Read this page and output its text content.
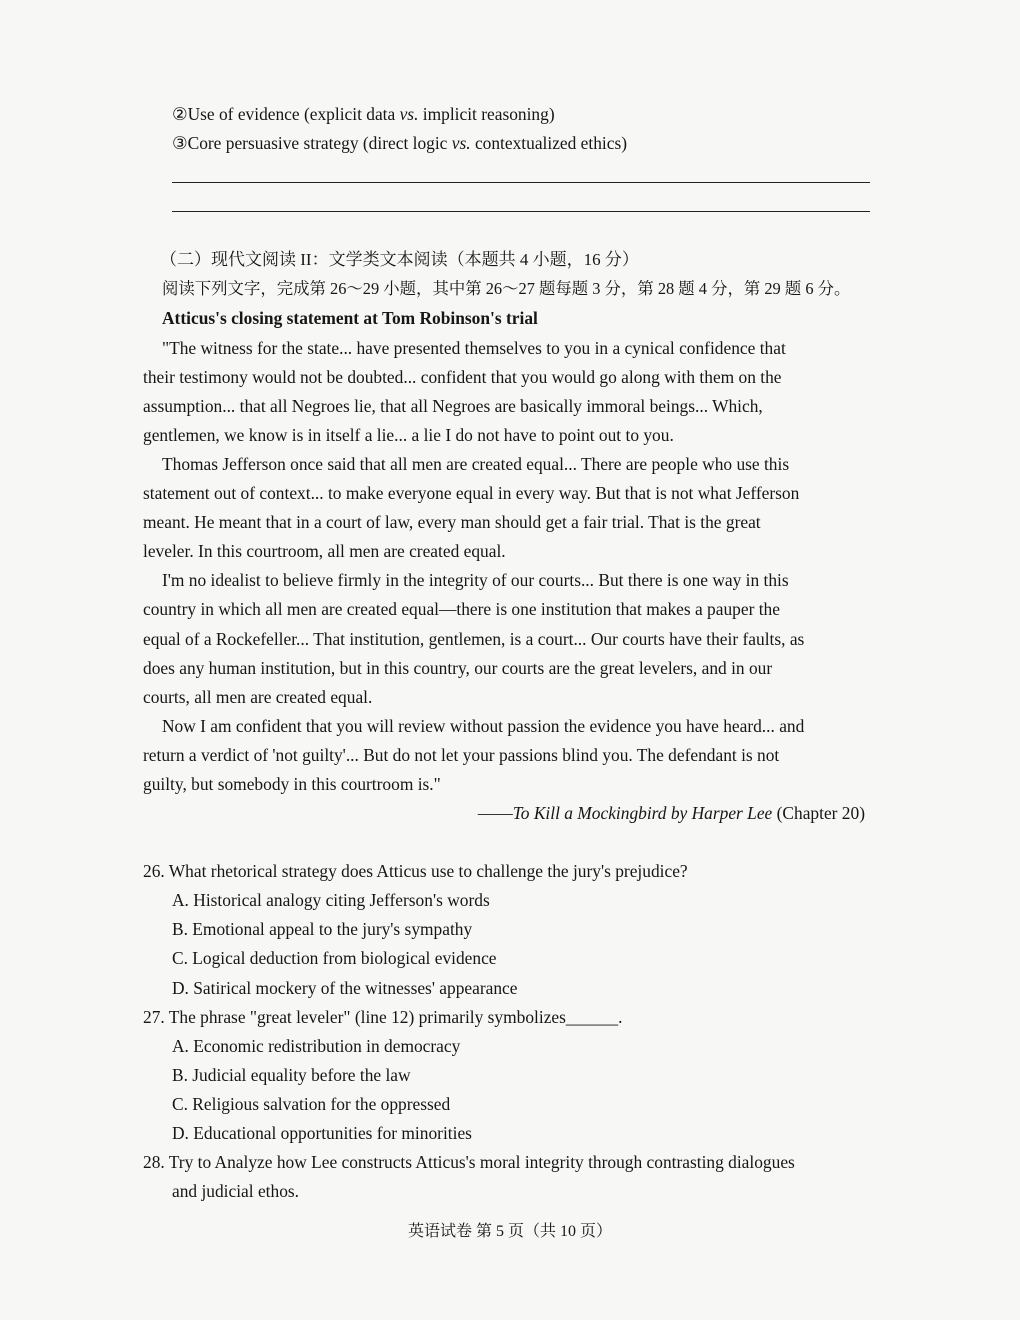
②Use of evidence (explicit data vs. implicit reasoning)
③Core persuasive strategy (direct logic vs. contextualized ethics)
（二）现代文阅读 II：文学类文本阅读（本题共 4 小题，16 分）
阅读下列文字，完成第 26～29 小题，其中第 26～27 题每题 3 分，第 28 题 4 分，第 29 题 6 分。
Atticus's closing statement at Tom Robinson's trial
"The witness for the state... have presented themselves to you in a cynical confidence that
their testimony would not be doubted... confident that you would go along with them on the
assumption... that all Negroes lie, that all Negroes are basically immoral beings... Which,
gentlemen, we know is in itself a lie... a lie I do not have to point out to you.
Thomas Jefferson once said that all men are created equal... There are people who use this
statement out of context... to make everyone equal in every way. But that is not what Jefferson
meant. He meant that in a court of law, every man should get a fair trial. That is the great
leveler. In this courtroom, all men are created equal.
I'm no idealist to believe firmly in the integrity of our courts... But there is one way in this
country in which all men are created equal—there is one institution that makes a pauper the
equal of a Rockefeller... That institution, gentlemen, is a court... Our courts have their faults, as
does any human institution, but in this country, our courts are the great levelers, and in our
courts, all men are created equal.
Now I am confident that you will review without passion the evidence you have heard... and
return a verdict of 'not guilty'... But do not let your passions blind you. The defendant is not
guilty, but somebody in this courtroom is."
——To Kill a Mockingbird by Harper Lee (Chapter 20)
26. What rhetorical strategy does Atticus use to challenge the jury's prejudice?
A. Historical analogy citing Jefferson's words
B. Emotional appeal to the jury's sympathy
C. Logical deduction from biological evidence
D. Satirical mockery of the witnesses' appearance
27. The phrase "great leveler" (line 12) primarily symbolizes______.
A. Economic redistribution in democracy
B. Judicial equality before the law
C. Religious salvation for the oppressed
D. Educational opportunities for minorities
28. Try to Analyze how Lee constructs Atticus's moral integrity through contrasting dialogues
and judicial ethos.
英语试卷 第 5 页（共 10 页）
